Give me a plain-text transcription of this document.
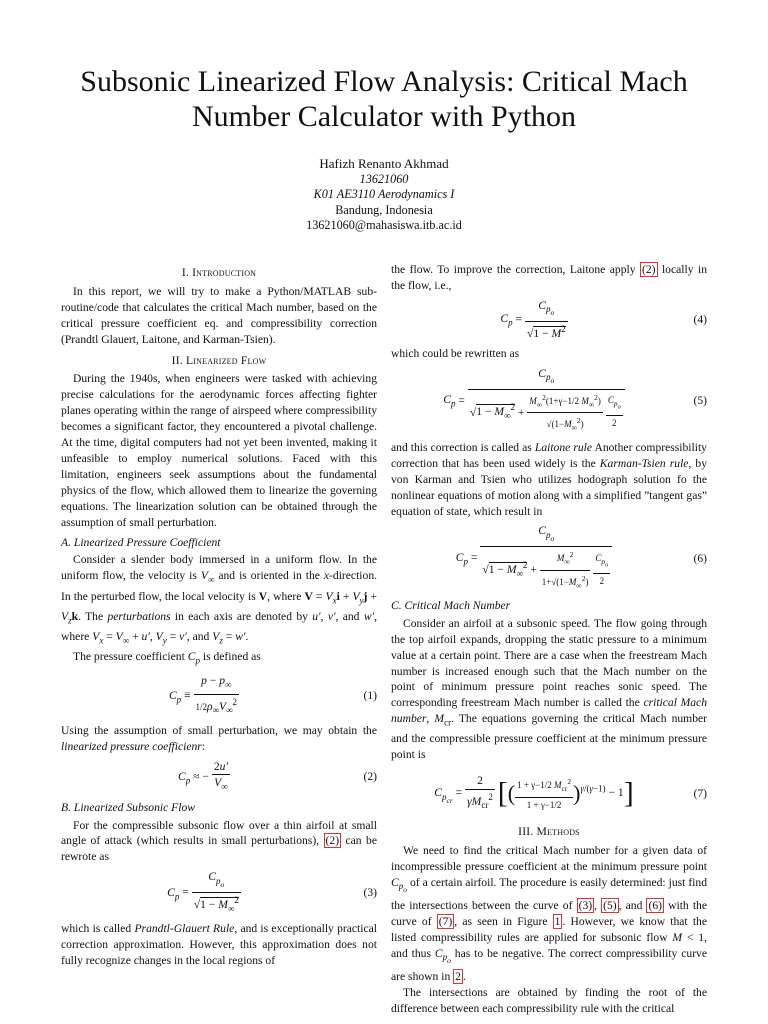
Subsonic Linearized Flow Analysis: Critical Mach Number Calculator with Python
Hafizh Renanto Akhmad
13621060
K01 AE3110 Aerodynamics I
Bandung, Indonesia
13621060@mahasiswa.itb.ac.id
I. Introduction

In this report, we will try to make a Python/MATLAB sub-routine/code that calculates the critical Mach number, based on the critical pressure coefficient eq. and compressibility correction (Prandtl Glauert, Laitone, and Karman-Tsien).

II. Linearized Flow

During the 1940s, when engineers were tasked with achieving precise calculations for the aerodynamic forces affecting fighter planes operating within the range of airspeed where compressibility becomes a significant factor, they encountered a pivotal challenge. At the time, digital computers had not yet been invented, making it unfeasible to employ numerical solutions. Faced with this limitation, engineers seek assumptions about the fundamental physics of the flow, which allowed them to linearize the governing equations. The linearization solution can be obtained through the assumption of small perturbation.

A. Linearized Pressure Coefficient

Consider a slender body immersed in a uniform flow. In the uniform flow, the velocity is $V_\infty$ and is oriented in the x-direction. In the perturbed flow, the local velocity is V, where $V = V_xi + V_yj + V_zk$. The perturbations in each axis are denoted by u′, v′, and w′, where $V_x = V_\infty + u'$, $V_y = v'$, and $V_z = w'$.

The pressure coefficient $C_p$ is defined as

$C_p \equiv \frac{p - p_\infty}{1/2\rho_\infty V_\infty^2}$	(1)

Using the assumption of small perturbation, we may obtain the linearized pressure coefficienr:

$C_p$ ≈ − $\frac{2u'}{V_\infty}$	(2)
B. Linearized Subsonic Flow

For the compressible subsonic flow over a thin airfoil at small angle of attack (which results in small perturbations), (2) can be rewrote as

$C_p = \frac{C_{p_o}}{√1 - M_\infty^2}$	(3)

which is called Prandtl-Glauert Rule, and is exceptionally practical correction approximation. However, this approximation does not fully recognize changes in the local regions of

the flow. To improve the correction, Laitone apply (2) locally in the flow, i.e.,

$C_p = \frac{C_{p_o}}{√1 - M^2}$	(4)

which could be rewritten as

$C_p = C_{p_o}$
$√1 - M_\infty^2 + \frac{M_\infty^2(1+\gamma-1/2 M_\infty^2)}{√(1-M_\infty^2)}$
$\frac{C_{p_o}}{2}$	(5)

and this correction is called as Laitone rule Another compressibility correction that has been used widely is the Karman-Tsien rule, by von Karman and Tsien who utilizes hodograph solution fo the nonlinear equations of motion along with a simplified ”tangent gas” equation of state, which result in

$C_p = C_{p_o}$
$√1 - M_\infty^2 + \frac{M_\infty^2}{1+√(1-M_\infty^2)}$
$\frac{C_{p_o}}{2}$	(6)
C. Critical Mach Number

Consider an airfoil at a subsonic speed. The flow going through the top airfoil expands, dropping the static pressure to a minimum value at a certain point. There are a case when the freestream Mach number is increased enough such that the Mach number on the point of minimum pressure point reaches sonic speed. The corresponding freestream Mach number is called the critical Mach number, $M_{cr}$. The equations governing the critical Mach number and the compressible pressure coefficient at the minimum pressure point is

$C_{p_{cr}} = \frac{2}{\gamma M_{cr}^2}$ [( $\frac{1 + \gamma-1/2 M_{cr}^2}{1 + \gamma-1/2} )^{\gamma/(\gamma-1)} - 1$]	(7)
III. Methods

We need to find the critical Mach number for a given data of incompressible pressure coefficient at the minimum pressure point $C_{p_o}$ of a certain airfoil. The procedure is easily determined: just find the intersections between the curve of (3) , (5) , and (6) with the curve of (7) , as seen in Figure 1 . However, we know that the listed compressibility rules are applied for subsonic flow M < 1, and thus $C_{p_o}$ has to be negative. The correct compressibility curve are shown in 2 .

The intersections are obtained by finding the root of the difference between each compressibility rule with the critical
